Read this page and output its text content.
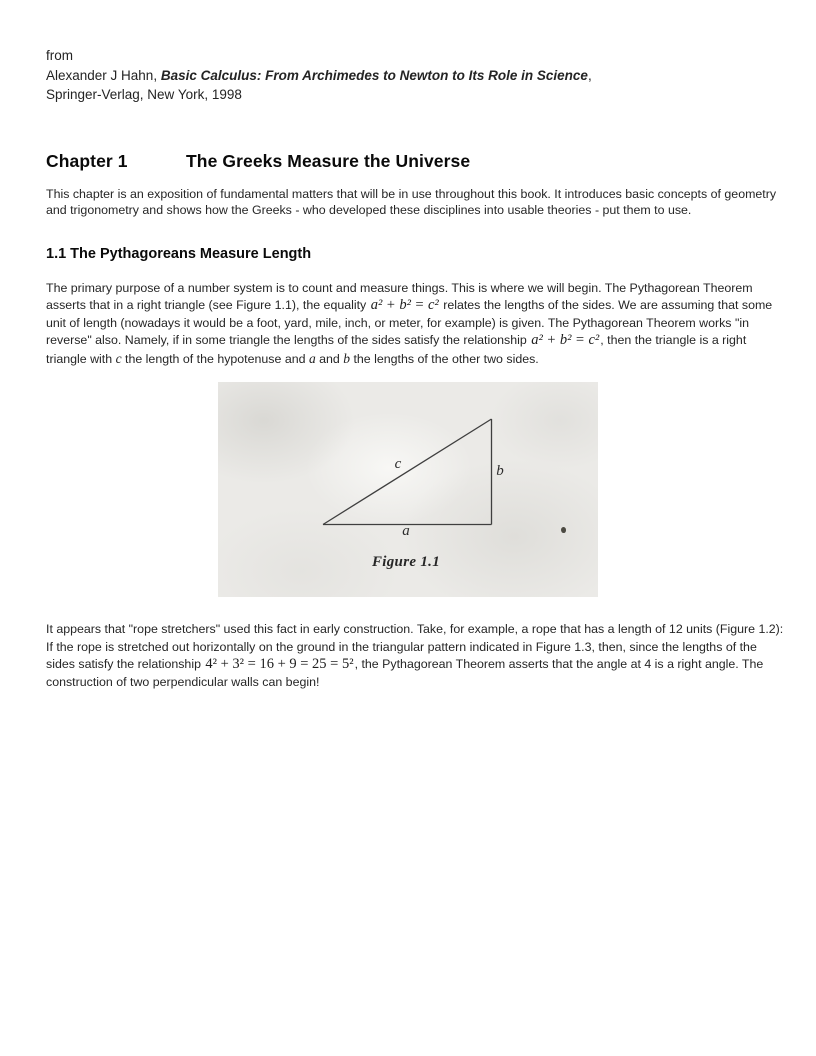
from
Alexander J Hahn, Basic Calculus: From Archimedes to Newton to Its Role in Science,
Springer-Verlag, New York, 1998
Chapter 1	The Greeks Measure the Universe

This chapter is an exposition of fundamental matters that will be in use throughout this book. It introduces basic concepts of geometry and trigonometry and shows how the Greeks - who developed these disciplines into usable theories - put them to use.

1.1 The Pythagoreans Measure Length

The primary purpose of a number system is to count and measure things. This is where we will begin. The Pythagorean Theorem asserts that in a right triangle (see Figure 1.1), the equality a² + b² = c² relates the lengths of the sides. We are assuming that some unit of length (nowadays it would be a foot, yard, mile, inch, or meter, for example) is given. The Pythagorean Theorem works "in reverse" also. Namely, if in some triangle the lengths of the sides satisfy the relationship a² + b² = c², then the triangle is a right triangle with c the length of the hypotenuse and a and b the lengths of the other two sides.

c	b
a
Figure 1.1

It appears that "rope stretchers" used this fact in early construction. Take, for example, a rope that has a length of 12 units (Figure 1.2): If the rope is stretched out horizontally on the ground in the triangular pattern indicated in Figure 1.3, then, since the lengths of the sides satisfy the relationship 4² + 3² = 16 + 9 = 25 = 5², the Pythagorean Theorem asserts that the angle at 4 is a right angle. The construction of two perpendicular walls can begin!
